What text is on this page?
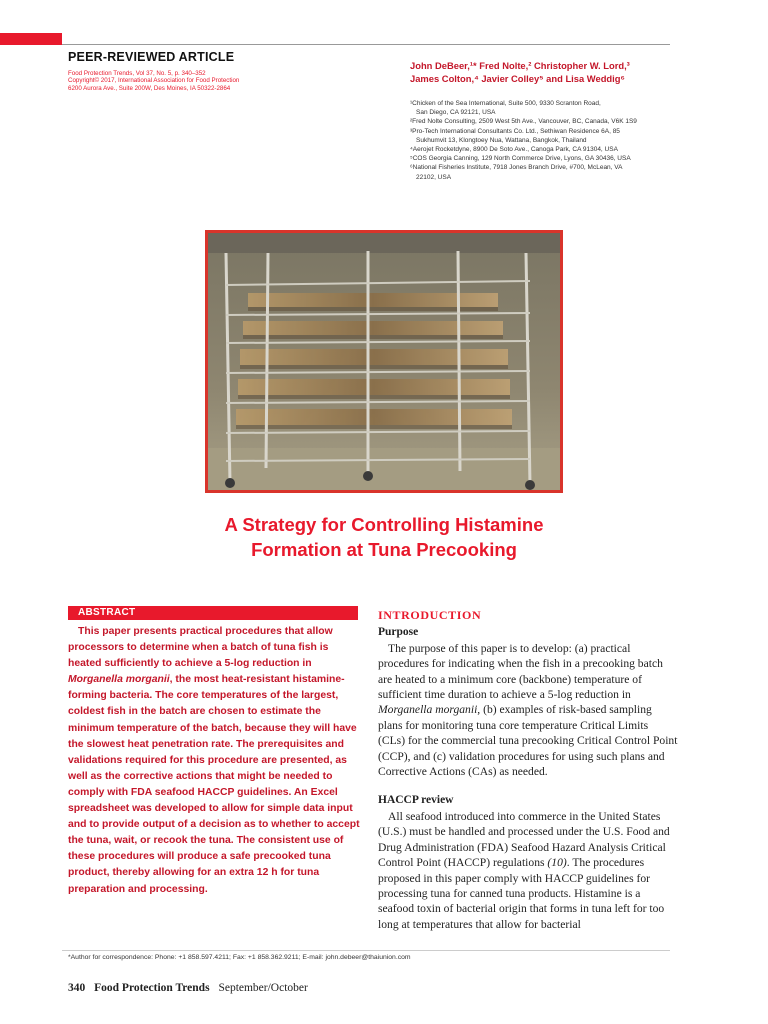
PEER-REVIEWED ARTICLE
Food Protection Trends, Vol 37, No. 5, p. 340–352
Copyright© 2017, International Association for Food Protection
6200 Aurora Ave., Suite 200W, Des Moines, IA 50322-2864
John DeBeer,¹* Fred Nolte,² Christopher W. Lord,³
James Colton,⁴ Javier Colley⁵ and Lisa Weddig⁶
¹Chicken of the Sea International, Suite 500, 9330 Scranton Road,
San Diego, CA 92121, USA
²Fred Nolte Consulting, 2509 West 5th Ave., Vancouver, BC, Canada, V6K 1S9
³Pro-Tech International Consultants Co. Ltd., Sethiwan Residence 6A, 85
Sukhumvit 13, Klongtoey Nua, Wattana, Bangkok, Thailand
⁴Aerojet Rocketdyne, 8900 De Soto Ave., Canoga Park, CA 91304, USA
⁵COS Georgia Canning, 129 North Commerce Drive, Lyons, GA 30436, USA
⁶National Fisheries Institute, 7918 Jones Branch Drive, #700, McLean, VA
22102, USA
A Strategy for Controlling Histamine
Formation at Tuna Precooking
ABSTRACT
This paper presents practical procedures that allow processors to determine when a batch of tuna fish is heated sufficiently to achieve a 5-log reduction in Morganella morganii, the most heat-resistant histamine-forming bacteria. The core temperatures of the largest, coldest fish in the batch are chosen to estimate the minimum temperature of the batch, because they will have the slowest heat penetration rate. The prerequisites and validations required for this procedure are presented, as well as the corrective actions that might be needed to comply with FDA seafood HACCP guidelines. An Excel spreadsheet was developed to allow for simple data input and to provide output of a decision as to whether to accept the tuna, wait, or recook the tuna. The consistent use of these procedures will produce a safe precooked tuna product, thereby allowing for an extra 12 h for tuna preparation and processing.
INTRODUCTION
Purpose

The purpose of this paper is to develop: (a) practical procedures for indicating when the fish in a precooking batch are heated to a minimum core (backbone) temperature of sufficient time duration to achieve a 5-log reduction in Morganella morganii, (b) examples of risk-based sampling plans for monitoring tuna core temperature Critical Limits (CLs) for the commercial tuna precooking Critical Control Point (CCP), and (c) validation procedures for using such plans and Corrective Actions (CAs) as needed.

HACCP review

All seafood introduced into commerce in the United States (U.S.) must be handled and processed under the U.S. Food and Drug Administration (FDA) Seafood Hazard Analysis Critical Control Point (HACCP) regulations (10). The procedures proposed in this paper comply with HACCP guidelines for processing tuna for canned tuna products. Histamine is a seafood toxin of bacterial origin that forms in tuna left for too long at temperatures that allow for bacterial

*Author for correspondence: Phone: +1 858.597.4211; Fax: +1 858.362.9211; E-mail: john.debeer@thaiunion.com
340 Food Protection Trends September/October
